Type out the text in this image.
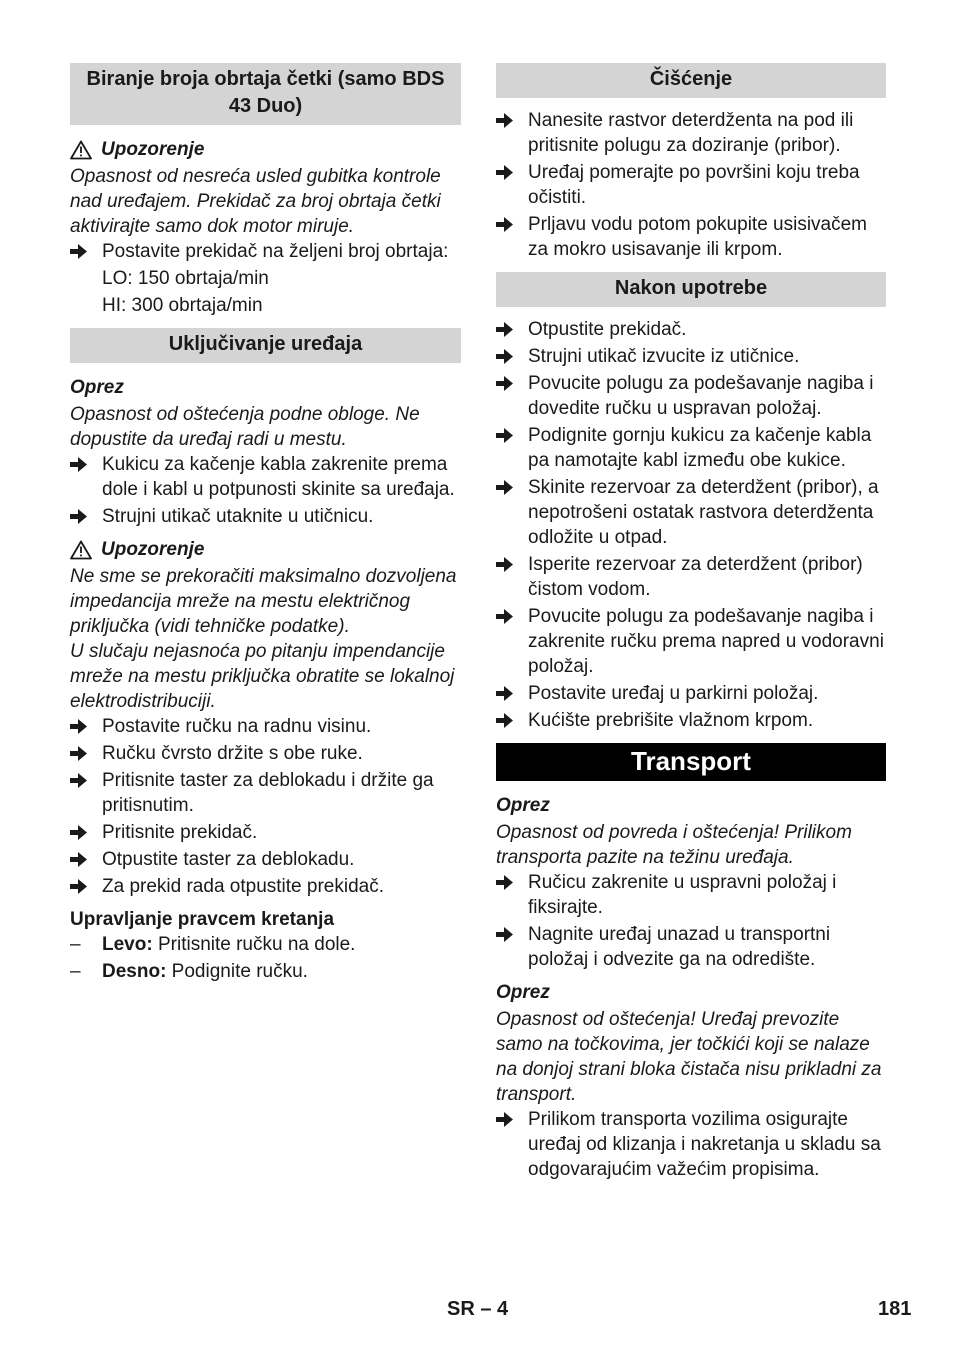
Biranje broja obrtaja četki (samo BDS 43 Duo)
Upozorenje
Opasnost od nesreća usled gubitka kontrole nad uređajem. Prekidač za broj obrtaja četki aktivirajte samo dok motor miruje.
Postavite prekidač na željeni broj obrtaja:
LO: 150 obrtaja/min
HI: 300 obrtaja/min
Uključivanje uređaja
Oprez
Opasnost od oštećenja podne obloge. Ne dopustite da uređaj radi u mestu.
Kukicu za kačenje kabla zakrenite prema dole i kabl u potpunosti skinite sa uređaja.
Strujni utikač utaknite u utičnicu.
Upozorenje
Ne sme se prekoračiti maksimalno dozvoljena impedancija mreže na mestu električnog priključka (vidi tehničke podatke).
U slučaju nejasnoća po pitanju impendancije mreže na mestu priključka obratite se lokalnoj elektrodistribuciji.
Postavite ručku na radnu visinu.
Ručku čvrsto držite s obe ruke.
Pritisnite taster za deblokadu i držite ga pritisnutim.
Pritisnite prekidač.
Otpustite taster za deblokadu.
Za prekid rada otpustite prekidač.
Upravljanje pravcem kretanja
–	Levo: Pritisnite ručku na dole.
–	Desno: Podignite ručku.
Čišćenje
Nanesite rastvor deterdženta na pod ili pritisnite polugu za doziranje (pribor).
Uređaj pomerajte po površini koju treba očistiti.
Prljavu vodu potom pokupite usisivačem za mokro usisavanje ili krpom.
Nakon upotrebe
Otpustite prekidač.
Strujni utikač izvucite iz utičnice.
Povucite polugu za podešavanje nagiba i dovedite ručku u uspravan položaj.
Podignite gornju kukicu za kačenje kabla pa namotajte kabl između obe kukice.
Skinite rezervoar za deterdžent (pribor), a nepotrošeni ostatak rastvora deterdženta odložite u otpad.
Isperite rezervoar za deterdžent (pribor) čistom vodom.
Povucite polugu za podešavanje nagiba i zakrenite ručku prema napred u vodoravni položaj.
Postavite uređaj u parkirni položaj.
Kućište prebrišite vlažnom krpom.
Transport
Oprez
Opasnost od povreda i oštećenja! Prilikom transporta pazite na težinu uređaja.
Ručicu zakrenite u uspravni položaj i fiksirajte.
Nagnite uređaj unazad u transportni položaj i odvezite ga na odredište.
Oprez
Opasnost od oštećenja! Uređaj prevozite samo na točkovima, jer točkići koji se nalaze na donjoj strani bloka čistača nisu prikladni za transport.
Prilikom transporta vozilima osigurajte uređaj od klizanja i nakretanja u skladu sa odgovarajućim važećim propisima.
SR – 4	181
